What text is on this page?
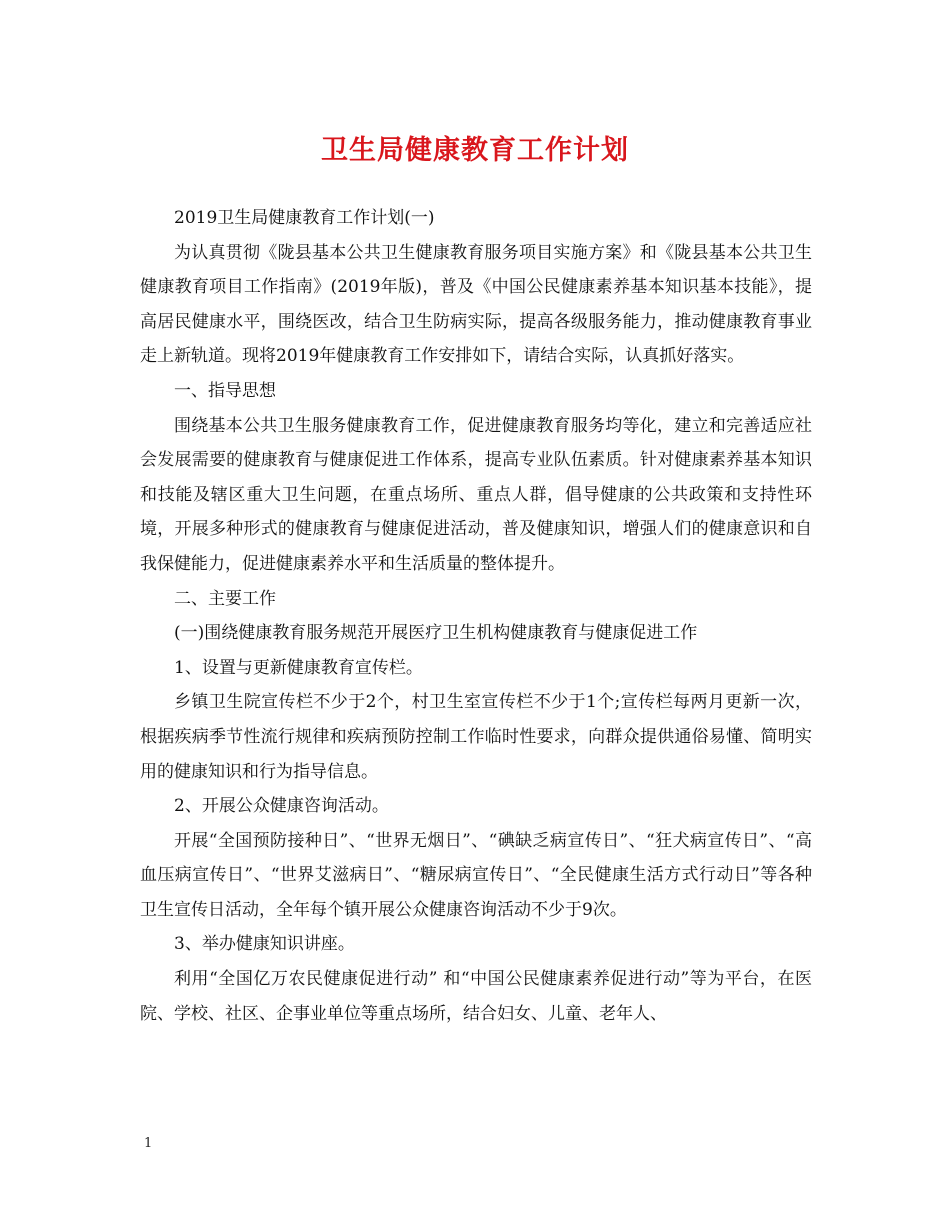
卫生局健康教育工作计划

2019卫生局健康教育工作计划(一)

为认真贯彻《陇县基本公共卫生健康教育服务项目实施方案》和《陇县基本公共卫生健康教育项目工作指南》(2019年版)，普及《中国公民健康素养基本知识基本技能》，提高居民健康水平，围绕医改，结合卫生防病实际，提高各级服务能力，推动健康教育事业走上新轨道。现将2019年健康教育工作安排如下，请结合实际，认真抓好落实。

一、指导思想

围绕基本公共卫生服务健康教育工作，促进健康教育服务均等化，建立和完善适应社会发展需要的健康教育与健康促进工作体系，提高专业队伍素质。针对健康素养基本知识和技能及辖区重大卫生问题，在重点场所、重点人群，倡导健康的公共政策和支持性环境，开展多种形式的健康教育与健康促进活动，普及健康知识，增强人们的健康意识和自我保健能力，促进健康素养水平和生活质量的整体提升。

二、主要工作

(一)围绕健康教育服务规范开展医疗卫生机构健康教育与健康促进工作

1、设置与更新健康教育宣传栏。

乡镇卫生院宣传栏不少于2个，村卫生室宣传栏不少于1个;宣传栏每两月更新一次，根据疾病季节性流行规律和疾病预防控制工作临时性要求，向群众提供通俗易懂、简明实用的健康知识和行为指导信息。

2、开展公众健康咨询活动。

开展“全国预防接种日”、“世界无烟日”、“碘缺乏病宣传日”、“狂犬病宣传日”、“高血压病宣传日”、“世界艾滋病日”、“糖尿病宣传日”、“全民健康生活方式行动日”等各种卫生宣传日活动，全年每个镇开展公众健康咨询活动不少于9次。

3、举办健康知识讲座。

利用“全国亿万农民健康促进行动” 和“中国公民健康素养促进行动”等为平台，在医院、学校、社区、企事业单位等重点场所，结合妇女、儿童、老年人、

1
